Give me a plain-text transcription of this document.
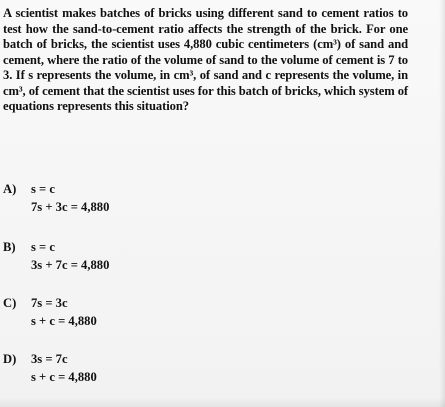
A scientist makes batches of bricks using different sand to cement ratios to test how the sand-to-cement ratio affects the strength of the brick. For one batch of bricks, the scientist uses 4,880 cubic centimeters (cm³) of sand and cement, where the ratio of the volume of sand to the volume of cement is 7 to 3. If s represents the volume, in cm³, of sand and c represents the volume, in cm³, of cement that the scientist uses for this batch of bricks, which system of equations represents this situation?

A) s = c
7s + 3c = 4,880
B) s = c
3s + 7c = 4,880
C) 7s = 3c
s + c = 4,880
D) 3s = 7c
s + c = 4,880
